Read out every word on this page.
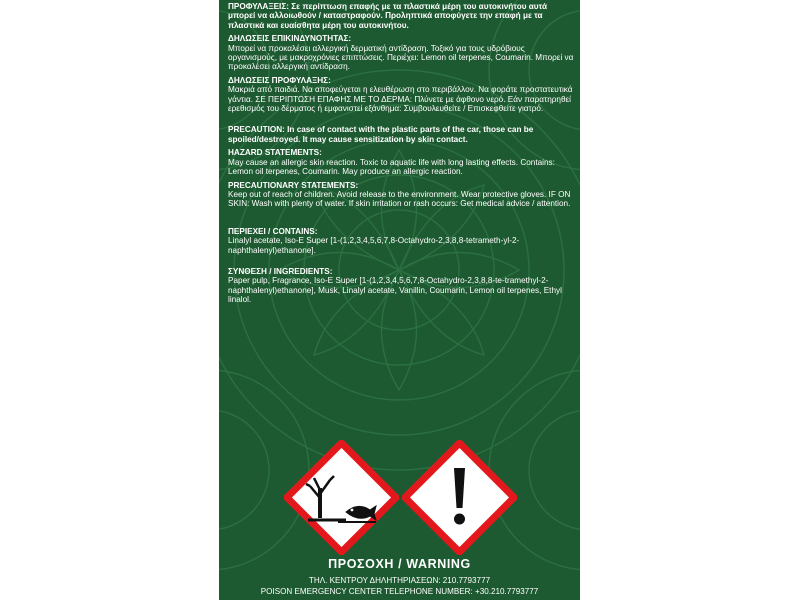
ΠΡΟΦΥΛΑΞΕΙΣ: Σε περίπτωση επαφής με τα πλαστικά μέρη του αυτοκινήτου αυτά μπορεί να αλλοιωθούν / καταστραφούν. Προληπτικά αποφύγετε την επαφή με τα πλαστικά και ευαίσθητα μέρη του αυτοκινήτου.
ΔΗΛΩΣΕΙΣ ΕΠΙΚΙΝΔΥΝΟΤΗΤΑΣ:
Μπορεί να προκαλέσει αλλεργική δερματική αντίδραση. Τοξικό για τους υδρόβιους οργανισμούς, με μακροχρόνιες επιπτώσεις. Περιέχει: Lemon oil terpenes, Coumarin. Μπορεί να προκαλέσει αλλεργική αντίδραση.
ΔΗΛΩΣΕΙΣ ΠΡΟΦΥΛΑΞΗΣ:
Μακριά από παιδιά. Να αποφεύγεται η ελευθέρωση στο περιβάλλον. Να φοράτε προστατευτικά γάντια. ΣΕ ΠΕΡΙΠΤΩΣΗ ΕΠΑΦΗΣ ΜΕ ΤΟ ΔΕΡΜΑ: Πλύνετε με άφθονο νερό. Εάν παρατηρηθεί ερεθισμός του δέρματος ή εμφανιστεί εξάνθημα: Συμβουλευθείτε / Επισκεφθείτε γιατρό.
PRECAUTION: In case of contact with the plastic parts of the car, those can be spoiled/destroyed. It may cause sensitization by skin contact.
HAZARD STATEMENTS:
May cause an allergic skin reaction. Toxic to aquatic life with long lasting effects. Contains: Lemon oil terpenes, Coumarin. May produce an allergic reaction.
PRECAUTIONARY STATEMENTS:
Keep out of reach of children. Avoid release to the environment. Wear protective gloves. IF ON SKIN: Wash with plenty of water. If skin irritation or rash occurs: Get medical advice / attention.
ΠΕΡΙΕΧΕΙ / CONTAINS:
Linalyl acetate, Iso-E Super [1-(1,2,3,4,5,6,7,8-Octahydro-2,3,8,8-tetrameth-yl-2-naphthalenyl)ethanone].
ΣΥΝΘΕΣΗ / INGREDIENTS:
Paper pulp, Fragrance, Iso-E Super [1-(1,2,3,4,5,6,7,8-Octahydro-2,3,8,8-te-tramethyl-2-naphthalenyl)ethanone], Musk, Linalyl acetate, Vanillin, Coumarin, Lemon oil terpenes, Ethyl linalol.
ΠΡΟΣΟΧΗ / WARNING
ΤΗΛ. ΚΕΝΤΡΟΥ ΔΗΛΗΤΗΡΙΑΣΕΩΝ: 210.7793777
POISON EMERGENCY CENTER TELEPHONE NUMBER: +30.210.7793777
